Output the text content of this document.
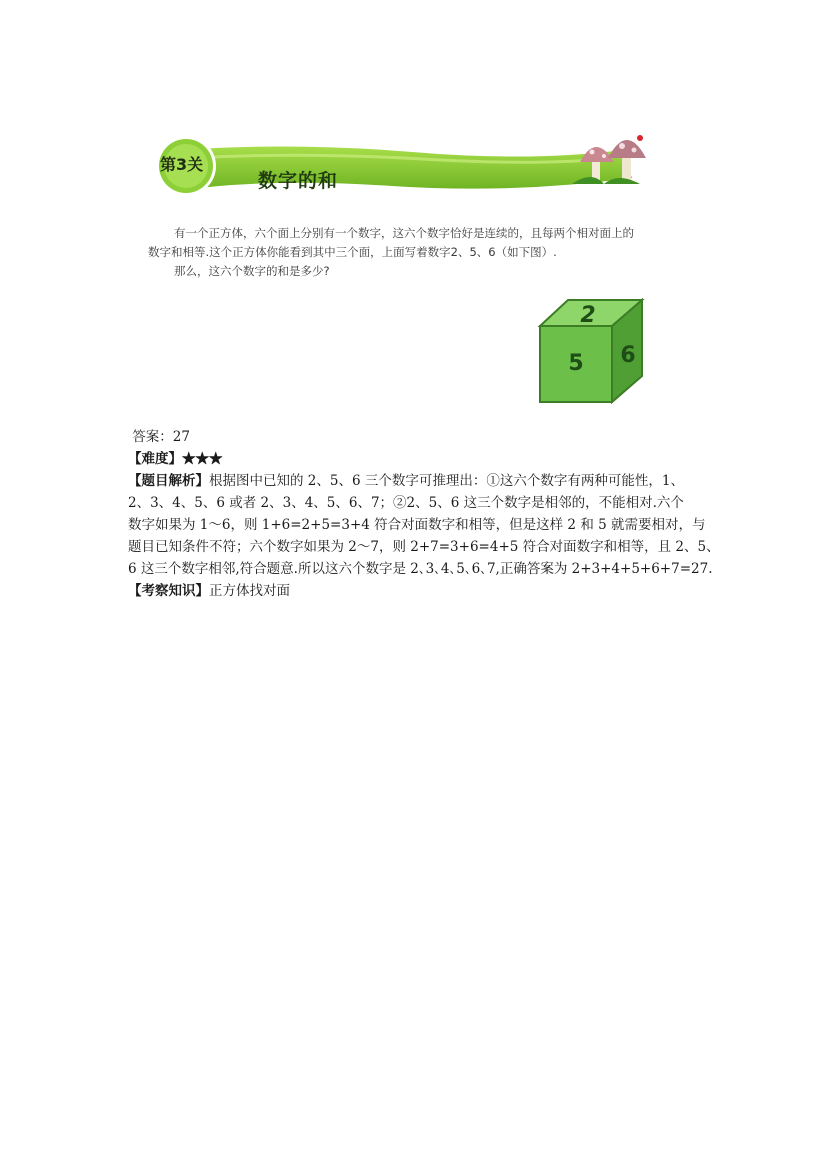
第3关
数字的和

有一个正方体，六个面上分别有一个数字，这六个数字恰好是连续的，且每两个相对面上的

数字和相等.这个正方体你能看到其中三个面，上面写着数字2、5、6（如下图）.

那么，这六个数字的和是多少?

2
5 6
答案：27
【难度】★★★
【题目解析】根据图中已知的 2、5、6 三个数字可推理出：①这六个数字有两种可能性，1、
2、3、4、5、6 或者 2、3、4、5、6、7；②2、5、6 这三个数字是相邻的，不能相对.六个
数字如果为 1～6，则 1+6=2+5=3+4 符合对面数字和相等，但是这样 2 和 5 就需要相对，与
题目已知条件不符；六个数字如果为 2～7，则 2+7=3+6=4+5 符合对面数字和相等，且 2、5、
6 这三个数字相邻,符合题意.所以这六个数字是 2､3､4､5､6､7,正确答案为 2+3+4+5+6+7=27.
【考察知识】正方体找对面
